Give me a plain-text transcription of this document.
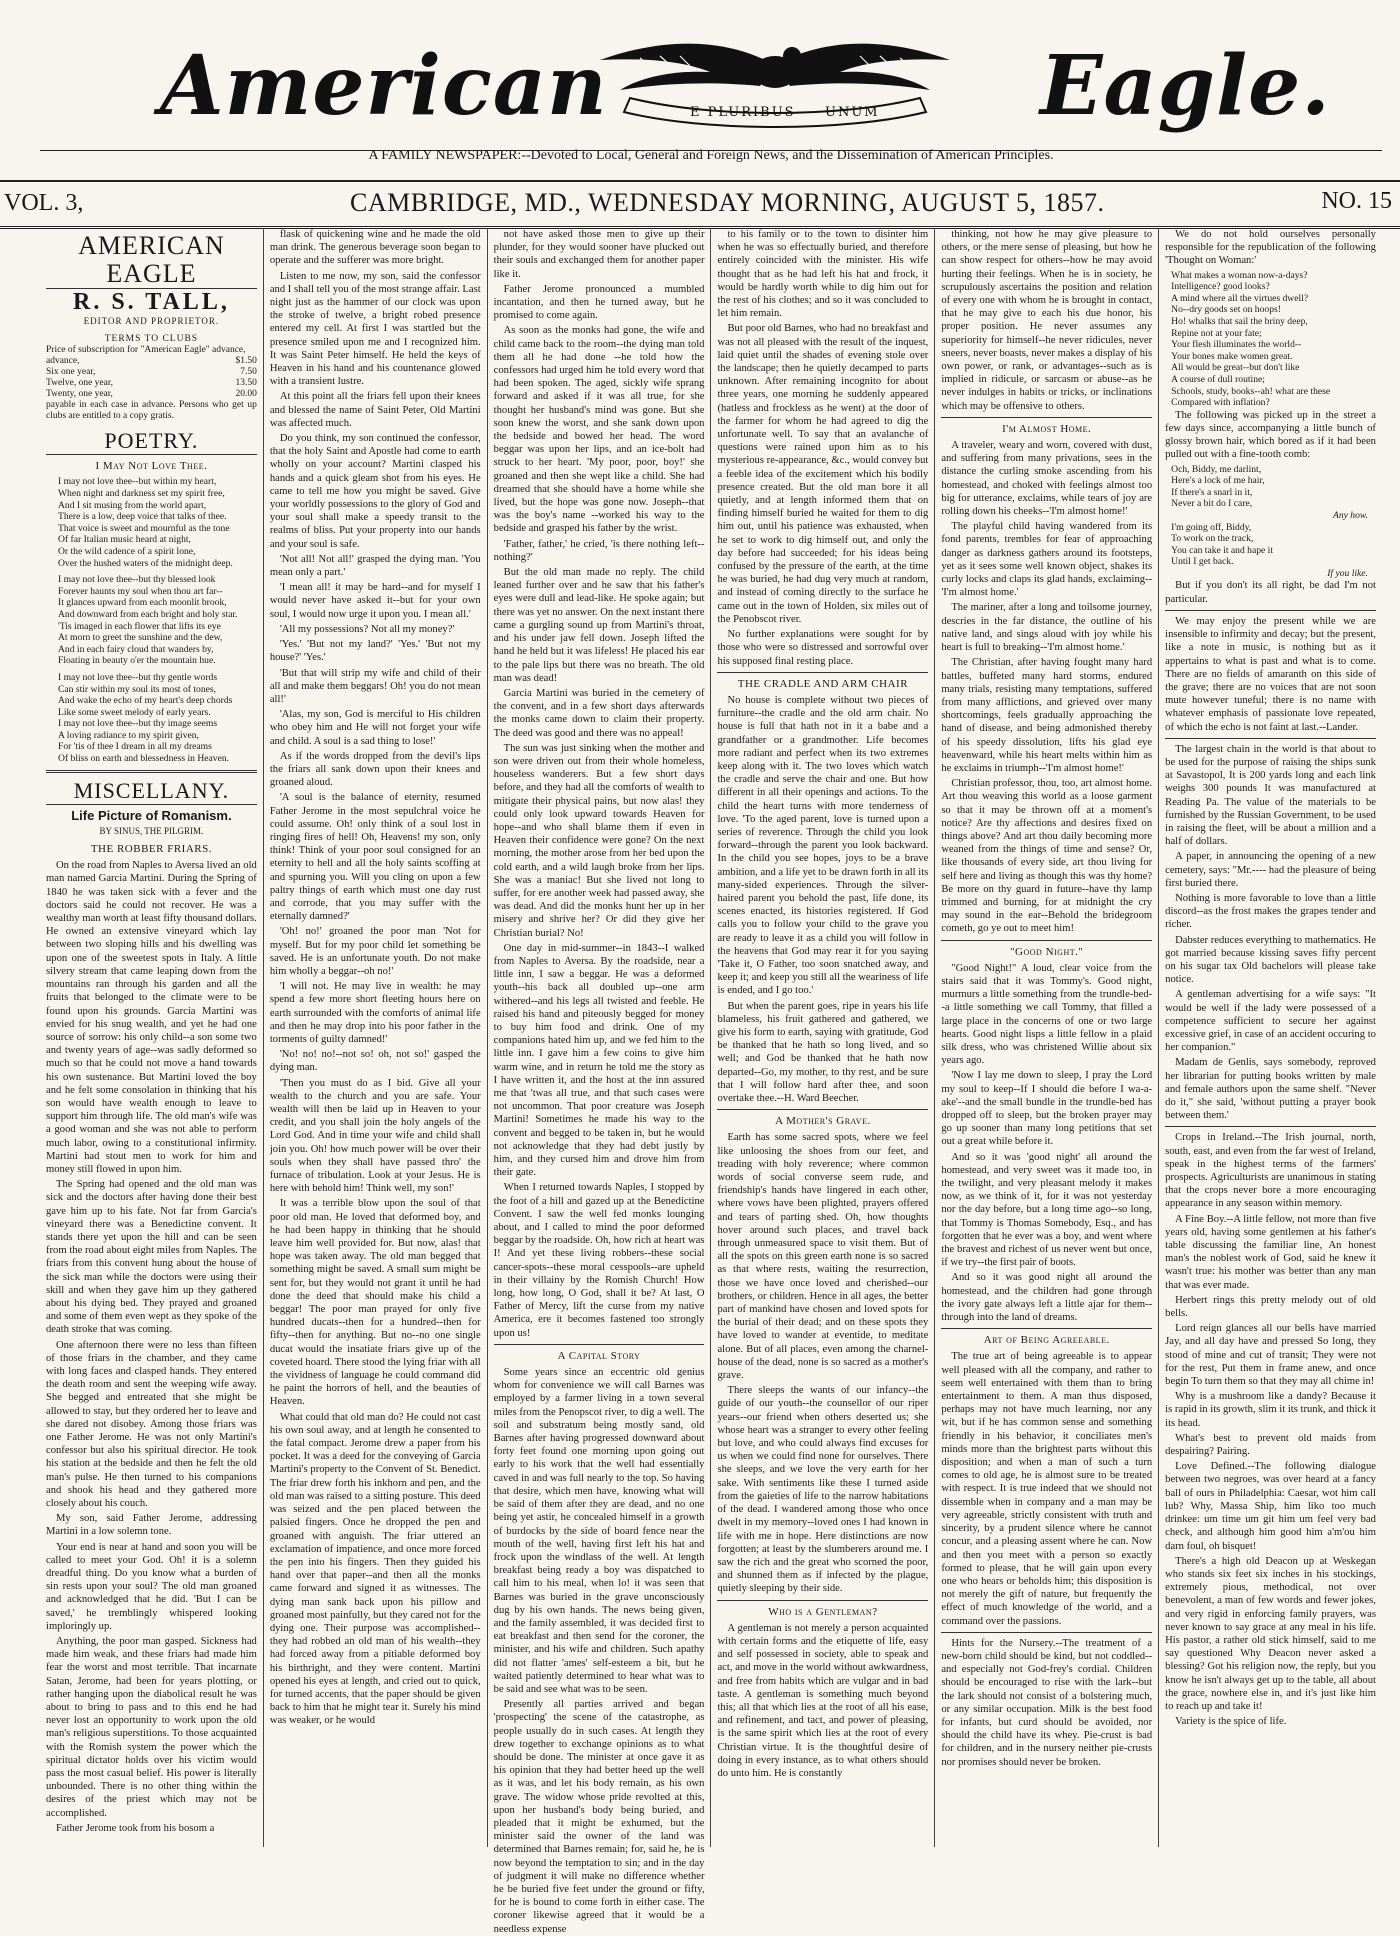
American	E PLURIBUS UNUM Eagle.
A FAMILY NEWSPAPER:--Devoted to Local, General and Foreign News, and the Dissemination of American Principles.
VOL. 3,	CAMBRIDGE, MD., WEDNESDAY MORNING, AUGUST 5, 1857.	NO. 15
AMERICAN EAGLE
R. S. TALL,
EDITOR AND PROPRIETOR.
TERMS TO CLUBS
Price of subscription for "American Eagle" advance,
advance,	$1.50
Six one year,	7.50
Twelve, one year,	13.50
Twenty, one year,	20.00
payable in each case in advance. Persons who get up clubs are entitled to a copy gratis.
POETRY.
I May Not Love Thee.
I may not love thee--but within my heart,
When night and darkness set my spirit free,
And I sit musing from the world apart,
There is a low, deep voice that talks of thee.
That voice is sweet and mournful as the tone
Of far Italian music heard at night,
Or the wild cadence of a spirit lone,
Over the hushed waters of the midnight deep.
I may not love thee--but thy blessed look
Forever haunts my soul when thou art far--
It glances upward from each moonlit brook,
And downward from each bright and holy star.
'Tis imaged in each flower that lifts its eye
At morn to greet the sunshine and the dew,
And in each fairy cloud that wanders by,
Floating in beauty o'er the mountain hue.
I may not love thee--but thy gentle words
Can stir within my soul its most of tones,
And wake the echo of my heart's deep chords
Like some sweet melody of early years.
I may not love thee--but thy image seems
A loving radiance to my spirit given,
For 'tis of thee I dream in all my dreams
Of bliss on earth and blessedness in Heaven.
MISCELLANY.
Life Picture of Romanism.
BY SINUS, THE PILGRIM.
THE ROBBER FRIARS.

On the road from Naples to Aversa lived an old man named Garcia Martini. During the Spring of 1840 he was taken sick with a fever and the doctors said he could not recover. He was a wealthy man worth at least fifty thousand dollars. He owned an extensive vineyard which lay between two sloping hills and his dwelling was upon one of the sweetest spots in Italy. A little silvery stream that came leaping down from the mountains ran through his garden and all the fruits that belonged to the climate were to be found upon his grounds. Garcia Martini was envied for his snug wealth, and yet he had one source of sorrow: his only child--a son some two and twenty years of age--was sadly deformed so much so that he could not move a hand towards his own sustenance. But Martini loved the boy and he felt some consolation in thinking that his son would have wealth enough to leave to support him through life. The old man's wife was a good woman and she was not able to perform much labor, owing to a constitutional infirmity. Martini had stout men to work for him and money still flowed in upon him.

The Spring had opened and the old man was sick and the doctors after having done their best gave him up to his fate. Not far from Garcia's vineyard there was a Benedictine convent. It stands there yet upon the hill and can be seen from the road about eight miles from Naples. The friars from this convent hung about the house of the sick man while the doctors were using their skill and when they gave him up they gathered about his dying bed. They prayed and groaned and some of them even wept as they spoke of the death stroke that was coming.

One afternoon there were no less than fifteen of those friars in the chamber, and they came with long faces and clasped hands. They entered the death room and sent the weeping wife away. She begged and entreated that she might be allowed to stay, but they ordered her to leave and she dared not disobey. Among those friars was one Father Jerome. He was not only Martini's confessor but also his spiritual director. He took his station at the bedside and then he felt the old man's pulse. He then turned to his companions and shook his head and they gathered more closely about his couch.

My son, said Father Jerome, addressing Martini in a low solemn tone.

Your end is near at hand and soon you will be called to meet your God. Oh! it is a solemn dreadful thing. Do you know what a burden of sin rests upon your soul? The old man groaned and acknowledged that he did. 'But I can be saved,' he tremblingly whispered looking imploringly up.

Anything, the poor man gasped. Sickness had made him weak, and these friars had made him fear the worst and most terrible. That incarnate Satan, Jerome, had been for years plotting, or rather hanging upon the diabolical result he was about to bring to pass and to this end he had never lost an opportunity to work upon the old man's religious superstitions. To those acquainted with the Romish system the power which the spiritual dictator holds over his victim would pass the most casual belief. His power is literally unbounded. There is no other thing within the desires of the priest which may not be accomplished.

Father Jerome took from his bosom a

flask of quickening wine and he made the old man drink. The generous beverage soon began to operate and the sufferer was more bright.

Listen to me now, my son, said the confessor and I shall tell you of the most strange affair. Last night just as the hammer of our clock was upon the stroke of twelve, a bright robed presence entered my cell. At first I was startled but the presence smiled upon me and I recognized him. It was Saint Peter himself. He held the keys of Heaven in his hand and his countenance glowed with a transient lustre.

At this point all the friars fell upon their knees and blessed the name of Saint Peter, Old Martini was affected much.

Do you think, my son continued the confessor, that the holy Saint and Apostle had come to earth wholly on your account? Martini clasped his hands and a quick gleam shot from his eyes. He came to tell me how you might be saved. Give your worldly possessions to the glory of God and your soul shall make a speedy transit to the realms of bliss. Put your property into our hands and your soul is safe.

'Not all! Not all!' grasped the dying man. 'You mean only a part.'

'I mean all! it may be hard--and for myself I would never have asked it--but for your own soul, I would now urge it upon you. I mean all.'

'All my possessions? Not all my money?'

'Yes.' 'But not my land?' 'Yes.' 'But not my house?' 'Yes.'

'But that will strip my wife and child of their all and make them beggars! Oh! you do not mean all!'

'Alas, my son, God is merciful to His children who obey him and He will not forget your wife and child. A soul is a sad thing to lose!'

As if the words dropped from the devil's lips the friars all sank down upon their knees and groaned aloud.

'A soul is the balance of eternity, resumed Father Jerome in the most sepulchral voice he could assume. Oh! only think of a soul lost in ringing fires of hell! Oh, Heavens! my son, only think! Think of your poor soul consigned for an eternity to hell and all the holy saints scoffing at and spurning you. Will you cling on upon a few paltry things of earth which must one day rust and corrode, that you may suffer with the eternally damned?'

'Oh! no!' groaned the poor man 'Not for myself. But for my poor child let something be saved. He is an unfortunate youth. Do not make him wholly a beggar--oh no!'

'I will not. He may live in wealth: he may spend a few more short fleeting hours here on earth surrounded with the comforts of animal life and then he may drop into his poor father in the torments of guilty damned!'

'No! no! no!--not so! oh, not so!' gasped the dying man.

'Then you must do as I bid. Give all your wealth to the church and you are safe. Your wealth will then be laid up in Heaven to your credit, and you shall join the holy angels of the Lord God. And in time your wife and child shall join you. Oh! how much power will be over their souls when they shall have passed thro' the furnace of tribulation. Look at your Jesus. He is here with behold him! Think well, my son!'

It was a terrible blow upon the soul of that poor old man. He loved that deformed boy, and he had been happy in thinking that he should leave him well provided for. But now, alas! that hope was taken away. The old man begged that something might be saved. A small sum might be sent for, but they would not grant it until he had done the deed that should make his child a beggar! The poor man prayed for only five hundred ducats--then for a hundred--then for fifty--then for anything. But no--no one single ducat would the insatiate friars give up of the coveted hoard. There stood the lying friar with all the vividness of language he could command did he paint the horrors of hell, and the beauties of Heaven.

What could that old man do? He could not cast his own soul away, and at length he consented to the fatal compact. Jerome drew a paper from his pocket. It was a deed for the conveying of Garcia Martini's property to the Convent of St. Benedict. The friar drew forth his inkhorn and pen, and the old man was raised to a sitting posture. This deed was seized and the pen placed between the palsied fingers. Once he dropped the pen and groaned with anguish. The friar uttered an exclamation of impatience, and once more forced the pen into his fingers. Then they guided his hand over that paper--and then all the monks came forward and signed it as witnesses. The dying man sank back upon his pillow and groaned most painfully, but they cared not for the dying one. Their purpose was accomplished--they had robbed an old man of his wealth--they had forced away from a pitiable deformed boy his birthright, and they were content. Martini opened his eyes at length, and cried out to quick, for turned accents, that the paper should be given back to him that he might tear it. Surely his mind was weaker, or he would

not have asked those men to give up their plunder, for they would sooner have plucked out their souls and exchanged them for another paper like it.

Father Jerome pronounced a mumbled incantation, and then he turned away, but he promised to come again.

As soon as the monks had gone, the wife and child came back to the room--the dying man told them all he had done --he told how the confessors had urged him he told every word that had been spoken. The aged, sickly wife sprang forward and asked if it was all true, for she thought her husband's mind was gone. But she soon knew the worst, and she sank down upon the bedside and bowed her head. The word beggar was upon her lips, and an ice-bolt had struck to her heart. 'My poor, poor, boy!' she groaned and then she wept like a child. She had dreamed that she should have a home while she lived, but the hope was gone now. Joseph--that was the boy's name --worked his way to the bedside and grasped his father by the wrist.

'Father, father,' he cried, 'is there nothing left--nothing?'

But the old man made no reply. The child leaned further over and he saw that his father's eyes were dull and lead-like. He spoke again; but there was yet no answer. On the next instant there came a gurgling sound up from Martini's throat, and his under jaw fell down. Joseph lifted the hand he held but it was lifeless! He placed his ear to the pale lips but there was no breath. The old man was dead!

Garcia Martini was buried in the cemetery of the convent, and in a few short days afterwards the monks came down to claim their property. The deed was good and there was no appeal!

The sun was just sinking when the mother and son were driven out from their whole homeless, houseless wanderers. But a few short days before, and they had all the comforts of wealth to mitigate their physical pains, but now alas! they could only look upward towards Heaven for hope--and who shall blame them if even in Heaven their confidence were gone? On the next morning, the mother arose from her bed upon the cold earth, and a wild laugh broke from her lips. She was a maniac! But she lived not long to suffer, for ere another week had passed away, she was dead. And did the monks hunt her up in her misery and shrive her? Or did they give her Christian burial? No!

One day in mid-summer--in 1843--I walked from Naples to Aversa. By the roadside, near a little inn, I saw a beggar. He was a deformed youth--his back all doubled up--one arm withered--and his legs all twisted and feeble. He raised his hand and piteously begged for money to buy him food and drink. One of my companions hated him up, and we fed him to the little inn. I gave him a few coins to give him warm wine, and in return he told me the story as I have written it, and the host at the inn assured me that 'twas all true, and that such cases were not uncommon. That poor creature was Joseph Martini! Sometimes he made his way to the convent and begged to be taken in, but he would not acknowledge that they had debt justly by him, and they cursed him and drove him from their gate.

When I returned towards Naples, I stopped by the foot of a hill and gazed up at the Benedictine Convent. I saw the well fed monks lounging about, and I called to mind the poor deformed beggar by the roadside. Oh, how rich at heart was I! And yet these living robbers--these social cancer-spots--these moral cesspools--are upheld in their villainy by the Romish Church! How long, how long, O God, shall it be? At last, O Father of Mercy, lift the curse from my native America, ere it becomes fastened too strongly upon us!

A Capital Story

Some years since an eccentric old genius whom for convenience we will call Barnes was employed by a farmer living in a town several miles from the Penopscot river, to dig a well. The soil and substratum being mostly sand, old Barnes after having progressed downward about forty feet found one morning upon going out early to his work that the well had essentially caved in and was full nearly to the top. So having that desire, which men have, knowing what will be said of them after they are dead, and no one being yet astir, he concealed himself in a growth of burdocks by the side of board fence near the mouth of the well, having first left his hat and frock upon the windlass of the well. At length breakfast being ready a boy was dispatched to call him to his meal, when lo! it was seen that Barnes was buried in the grave unconsciously dug by his own hands. The news being given, and the family assembled, it was decided first to eat breakfast and then send for the coroner, the minister, and his wife and children. Such apathy did not flatter 'ames' self-esteem a bit, but he waited patiently determined to hear what was to be said and see what was to be seen.

Presently all parties arrived and began 'prospecting' the scene of the catastrophe, as people usually do in such cases. At length they drew together to exchange opinions as to what should be done. The minister at once gave it as his opinion that they had better heed up the well as it was, and let his body remain, as his own grave. The widow whose pride revolted at this, upon her husband's body being buried, and pleaded that it might be exhumed, but the minister said the owner of the land was determined that Barnes remain; for, said he, he is now beyond the temptation to sin; and in the day of judgment it will make no difference whether he be buried five feet under the ground or fifty, for he is bound to come forth in either case. The coroner likewise agreed that it would be a needless expense

to his family or to the town to disinter him when he was so effectually buried, and therefore entirely coincided with the minister. His wife thought that as he had left his hat and frock, it would be hardly worth while to dig him out for the rest of his clothes; and so it was concluded to let him remain.

But poor old Barnes, who had no breakfast and was not all pleased with the result of the inquest, laid quiet until the shades of evening stole over the landscape; then he quietly decamped to parts unknown. After remaining incognito for about three years, one morning he suddenly appeared (hatless and frockless as he went) at the door of the farmer for whom he had agreed to dig the unfortunate well. To say that an avalanche of questions were rained upon him as to his mysterious re-appearance, &c., would convey but a feeble idea of the excitement which his bodily presence created. But the old man bore it all quietly, and at length informed them that on finding himself buried he waited for them to dig him out, until his patience was exhausted, when he set to work to dig himself out, and only the day before had succeeded; for his ideas being confused by the pressure of the earth, at the time he was buried, he had dug very much at random, and instead of coming directly to the surface he came out in the town of Holden, six miles out of the Penobscot river.

No further explanations were sought for by those who were so distressed and sorrowful over his supposed final resting place.

THE CRADLE AND ARM CHAIR

No house is complete without two pieces of furniture--the cradle and the old arm chair. No house is full that hath not in it a babe and a grandfather or a grandmother. Life becomes more radiant and perfect when its two extremes keep along with it. The two loves which watch the cradle and serve the chair and one. But how different in all their openings and actions. To the child the heart turns with more tenderness of love. 'To the aged parent, love is turned upon a series of reverence. Through the child you look forward--through the parent you look backward. In the child you see hopes, joys to be a brave ambition, and a life yet to be drawn forth in all its many-sided experiences. Through the silver-haired parent you behold the past, life done, its scenes enacted, its histories registered. If God calls you to follow your child to the grave you are ready to leave it as a child you will follow in the heavens that God may rear it for you saying 'Take it, O Father, too soon snatched away, and keep it; and keep you still all the weariness of life is ended, and I go too.'

But when the parent goes, ripe in years his life blameless, his fruit gathered and gathered, we give his form to earth, saying with gratitude, God be thanked that he hath so long lived, and so well; and God be thanked that he hath now departed--Go, my mother, to thy rest, and be sure that I will follow hard after thee, and soon overtake thee.--H. Ward Beecher.

A Mother's Grave.

Earth has some sacred spots, where we feel like unloosing the shoes from our feet, and treading with holy reverence; where common words of social converse seem rude, and friendship's hands have lingered in each other, where vows have been plighted, prayers offered and tears of parting shed. Oh, how thoughts hover around such places, and travel back through unmeasured space to visit them. But of all the spots on this green earth none is so sacred as that where rests, waiting the resurrection, those we have once loved and cherished--our brothers, or children. Hence in all ages, the better part of mankind have chosen and loved spots for the burial of their dead; and on these spots they have loved to wander at eventide, to meditate alone. But of all places, even among the charnel-house of the dead, none is so sacred as a mother's grave.

There sleeps the wants of our infancy--the guide of our youth--the counsellor of our riper years--our friend when others deserted us; she whose heart was a stranger to every other feeling but love, and who could always find excuses for us when we could find none for ourselves. There she sleeps, and we love the very earth for her sake. With sentiments like these I turned aside from the gaieties of life to the narrow habitations of the dead. I wandered among those who once dwelt in my memory--loved ones I had known in life with me in hope. Here distinctions are now forgotten; at least by the slumberers around me. I saw the rich and the great who scorned the poor, and shunned them as if infected by the plague, quietly sleeping by their side.

Who is a Gentleman?

A gentleman is not merely a person acquainted with certain forms and the etiquette of life, easy and self possessed in society, able to speak and act, and move in the world without awkwardness, and free from habits which are vulgar and in bad taste. A gentleman is something much beyond this; all that which lies at the root of all his ease, and refinement, and tact, and power of pleasing, is the same spirit which lies at the root of every Christian virtue. It is the thoughtful desire of doing in every instance, as to what others should do unto him. He is constantly

thinking, not how he may give pleasure to others, or the mere sense of pleasing, but how he can show respect for others--how he may avoid hurting their feelings. When he is in society, he scrupulously ascertains the position and relation of every one with whom he is brought in contact, that he may give to each his due honor, his proper position. He never assumes any superiority for himself--he never ridicules, never sneers, never boasts, never makes a display of his own power, or rank, or advantages--such as is implied in ridicule, or sarcasm or abuse--as he never indulges in habits or tricks, or inclinations which may be offensive to others.

I'm Almost Home.

A traveler, weary and worn, covered with dust, and suffering from many privations, sees in the distance the curling smoke ascending from his homestead, and choked with feelings almost too big for utterance, exclaims, while tears of joy are rolling down his cheeks--'I'm almost home!'

The playful child having wandered from its fond parents, trembles for fear of approaching danger as darkness gathers around its footsteps, yet as it sees some well known object, shakes its curly locks and claps its glad hands, exclaiming--'I'm almost home.'

The mariner, after a long and toilsome journey, descries in the far distance, the outline of his native land, and sings aloud with joy while his heart is full to breaking--'I'm almost home.'

The Christian, after having fought many hard battles, buffeted many hard storms, endured many trials, resisting many temptations, suffered from many afflictions, and grieved over many shortcomings, feels gradually approaching the hand of disease, and being admonished thereby of his speedy dissolution, lifts his glad eye heavenward, while his heart melts within him as he exclaims in triumph--'I'm almost home!'

Christian professor, thou, too, art almost home. Art thou weaving this world as a loose garment so that it may be thrown off at a moment's notice? Are thy affections and desires fixed on things above? And art thou daily becoming more weaned from the things of time and sense? Or, like thousands of every side, art thou living for self here and living as though this was thy home? Be more on thy guard in future--have thy lamp trimmed and burning, for at midnight the cry may sound in the ear--Behold the bridegroom cometh, go ye out to meet him!

"Good Night."

"Good Night!" A loud, clear voice from the stairs said that it was Tommy's. Good night, murmurs a little something from the trundle-bed--a little something we call Tommy, that filled a large place in the concerns of one or two large hearts. Good night lisps a little fellow in a plaid silk dress, who was christened Willie about six years ago.

'Now I lay me down to sleep, I pray the Lord my soul to keep--If I should die before I wa-a-ake'--and the small bundle in the trundle-bed has dropped off to sleep, but the broken prayer may go up sooner than many long petitions that set out a great while before it.

And so it was 'good night' all around the homestead, and very sweet was it made too, in the twilight, and very pleasant melody it makes now, as we think of it, for it was not yesterday nor the day before, but a long time ago--so long, that Tommy is Thomas Somebody, Esq., and has forgotten that he ever was a boy, and went where the bravest and richest of us never went but once, if we try--the first pair of boots.

And so it was good night all around the homestead, and the children had gone through the ivory gate always left a little ajar for them--through into the land of dreams.

Art of Being Agreeable.

The true art of being agreeable is to appear well pleased with all the company, and rather to seem well entertained with them than to bring entertainment to them. A man thus disposed, perhaps may not have much learning, nor any wit, but if he has common sense and something friendly in his behavior, it conciliates men's minds more than the brightest parts without this disposition; and when a man of such a turn comes to old age, he is almost sure to be treated with respect. It is true indeed that we should not dissemble when in company and a man may be very agreeable, strictly consistent with truth and sincerity, by a prudent silence where he cannot concur, and a pleasing assent where he can. Now and then you meet with a person so exactly formed to please, that he will gain upon every one who hears or beholds him; this disposition is not merely the gift of nature, but frequently the effect of much knowledge of the world, and a command over the passions.

Hints for the Nursery.--The treatment of a new-born child should be kind, but not coddled--and especially not God-frey's cordial. Children should be encouraged to rise with the lark--but the lark should not consist of a bolstering much, or any similar occupation. Milk is the best food for infants, but curd should be avoided, nor should the child have its whey. Pie-crust is bad for children, and in the nursery neither pie-crusts nor promises should never be broken.

We do not hold ourselves personally responsible for the republication of the following 'Thought on Woman:'

What makes a woman now-a-days?
Intelligence? good looks?
A mind where all the virtues dwell?
No--dry goods set on hoops!
Ho! whalks that sail the briny deep,
Repine not at your fate;
Your flesh illuminates the world--
Your bones make women great.
All would be great--but don't like
A course of dull routine;
Schools, study, books--ah! what are these
Compared with inflation?

The following was picked up in the street a few days since, accompanying a little bunch of glossy brown hair, which bored as if it had been pulled out with a fine-tooth comb:

Och, Biddy, me darlint,
Here's a lock of me hair,
If there's a snarl in it,
Never a bit do I care,
Any how.
I'm going off, Biddy,
To work on the track,
You can take it and hape it
Until I get back.
If you like.

But if you don't its all right, be dad I'm not particular.

We may enjoy the present while we are insensible to infirmity and decay; but the present, like a note in music, is nothing but as it appertains to what is past and what is to come. There are no fields of amaranth on this side of the grave; there are no voices that are not soon mute however tuneful; there is no name with whatever emphasis of passionate love repeated, of which the echo is not faint at last.--Lander.

The largest chain in the world is that about to be used for the purpose of raising the ships sunk at Savastopol, It is 200 yards long and each link weighs 300 pounds It was manufactured at Reading Pa. The value of the materials to be furnished by the Russian Government, to be used in raising the fleet, will be about a million and a half of dollars.

A paper, in announcing the opening of a new cemetery, says: "Mr.---- had the pleasure of being first buried there.

Nothing is more favorable to love than a little discord--as the frost makes the grapes tender and richer.

Dabster reduces everything to mathematics. He got married because kissing saves fifty percent on his sugar tax Old bachelors will please take notice.

A gentleman advertising for a wife says: "It would be well if the lady were possessed of a competence sufficient to secure her against excessive grief, in case of an accident occuring to her companion."

Madam de Genlis, says somebody, reproved her librarian for putting books written by male and female authors upon the same shelf. "Never do it," she said, 'without putting a prayer book between them.'

Crops in Ireland.--The Irish journal, north, south, east, and even from the far west of Ireland, speak in the highest terms of the farmers' prospects. Agriculturists are unanimous in stating that the crops never bore a more encouraging appearance in any season within memory.

A Fine Boy.--A little fellow, not more than five years old, having some gentlemen at his father's table discussing the familiar line, An honest man's the noblest work of God, said he knew it wasn't true: his mother was better than any man that was ever made.

Herbert rings this pretty melody out of old bells.

Lord reign glances all our bells have married Jay, and all day have and pressed So long, they stood of mine and cut of transit; They were not for the rest, Put them in frame anew, and once begin To turn them so that they may all chime in!

Why is a mushroom like a dandy? Because it is rapid in its growth, slim it its trunk, and thick it its head.

What's best to prevent old maids from despairing? Pairing.

Love Defined.--The following dialogue between two negroes, was over heard at a fancy ball of ours in Philadelphia: Caesar, wot him call lub? Why, Massa Ship, him liko too much drinkee: um time um git him um feel very bad check, and although him good him a'm'ou him darn foul, oh bisquet!

There's a high old Deacon up at Weskegan who stands six feet six inches in his stockings, extremely pious, methodical, not over benevolent, a man of few words and fewer jokes, and very rigid in enforcing family prayers, was never known to say grace at any meal in his life. His pastor, a rather old stick himself, said to me say questioned Why Deacon never asked a blessing? Got his religion now, the reply, but you know he isn't always get up to the table, all about the grace, nowhere else in, and it's just like him to reach up and take it!

Variety is the spice of life.
